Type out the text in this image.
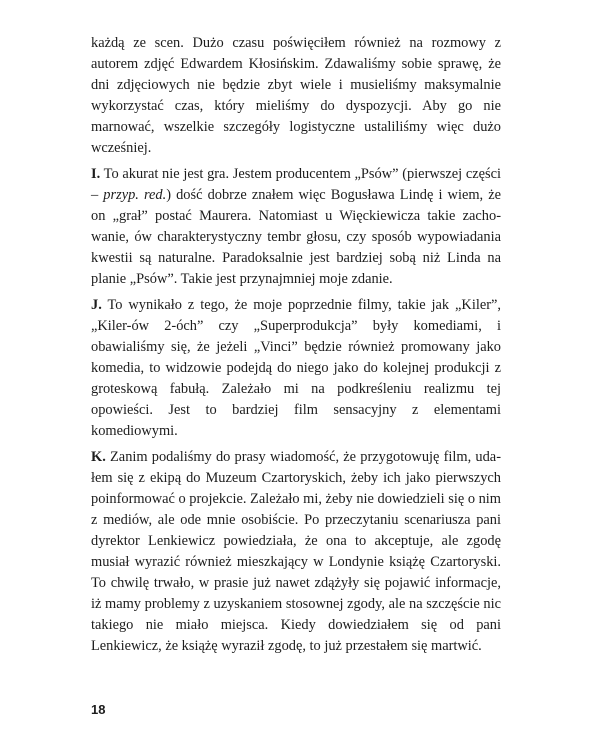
każdą ze scen. Dużo czasu poświęciłem również na rozmowy z autorem zdjęć Edwardem Kłosińskim. Zdawaliśmy sobie sprawę, że dni zdjęciowych nie będzie zbyt wiele i musieliśmy maksymalnie wykorzystać czas, który mieliśmy do dyspozycji. Aby go nie marnować, wszelkie szczegóły logistyczne ustaliliśmy więc dużo wcześniej.

I. To akurat nie jest gra. Jestem producentem „Psów” (pierwszej części – przyp. red.) dość dobrze znałem więc Bogusława Lindę i wiem, że on „grał” postać Maurera. Natomiast u Więckiewicza takie zachowanie, ów charakterystyczny tembr głosu, czy sposób wypowiadania kwestii są naturalne. Paradoksalnie jest bardziej sobą niż Linda na planie „Psów”. Takie jest przynajmniej moje zdanie.

J. To wynikało z tego, że moje poprzednie filmy, takie jak „Kiler”, „Kiler-ów 2-óch” czy „Superprodukcja” były komediami, i obawialiśmy się, że jeżeli „Vinci” będzie również promowany jako komedia, to widzowie podejdą do niego jako do kolejnej produkcji z groteskową fabułą. Zależało mi na podkreśleniu realizmu tej opowieści. Jest to bardziej film sensacyjny z elementami komediowymi.

K. Zanim podaliśmy do prasy wiadomość, że przygotowuję film, udałem się z ekipą do Muzeum Czartoryskich, żeby ich jako pierwszych poinformować o projekcie. Zależało mi, żeby nie dowiedzieli się o nim z mediów, ale ode mnie osobiście. Po przeczytaniu scenariusza pani dyrektor Lenkiewicz powiedziała, że ona to akceptuje, ale zgodę musiał wyrazić również mieszkający w Londynie książę Czartoryski. To chwilę trwało, w prasie już nawet zdążyły się pojawić informacje, iż mamy problemy z uzyskaniem stosownej zgody, ale na szczęście nic takiego nie miało miejsca. Kiedy dowiedziałem się od pani Lenkiewicz, że książę wyraził zgodę, to już przestałem się martwić.

18
